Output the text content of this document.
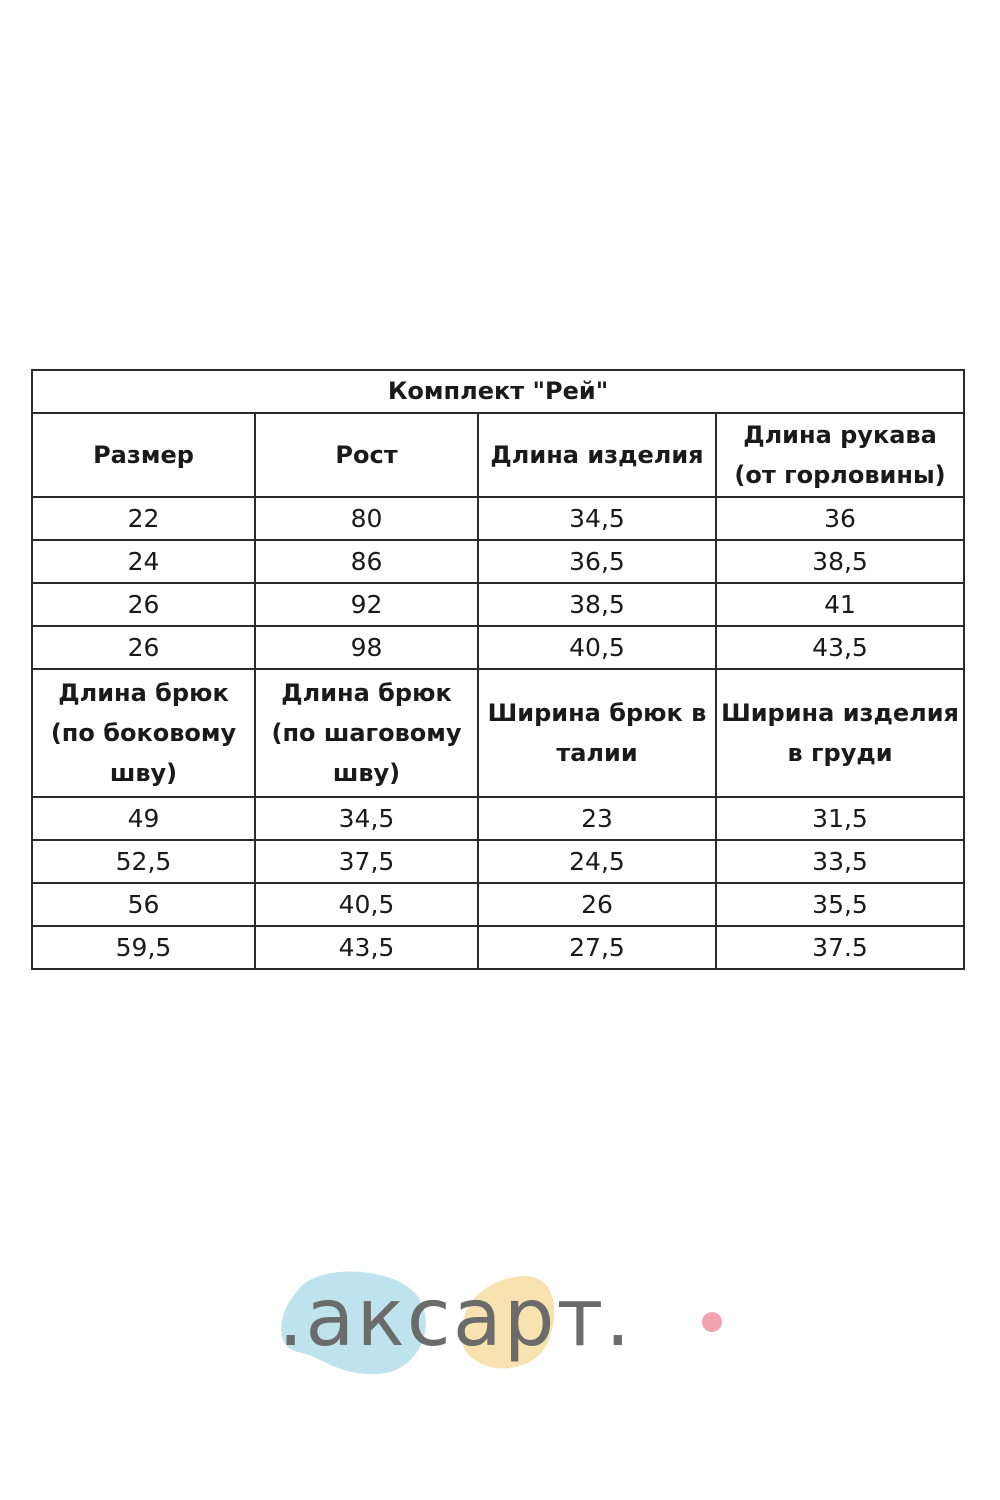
Комплект "Рей"			
Размер	Рост	Длина изделия	Длина рукава (от горловины)
22	80	34,5	36
24	86	36,5	38,5
26	92	38,5	41
26	98	40,5	43,5
Длина брюк (по боковому шву)	Длина брюк (по шаговому шву)	Ширина брюк в талии	Ширина изделия в груди
49	34,5	23	31,5
52,5	37,5	24,5	33,5
56	40,5	26	35,5
59,5	43,5	27,5	37.5
.акcapт.
